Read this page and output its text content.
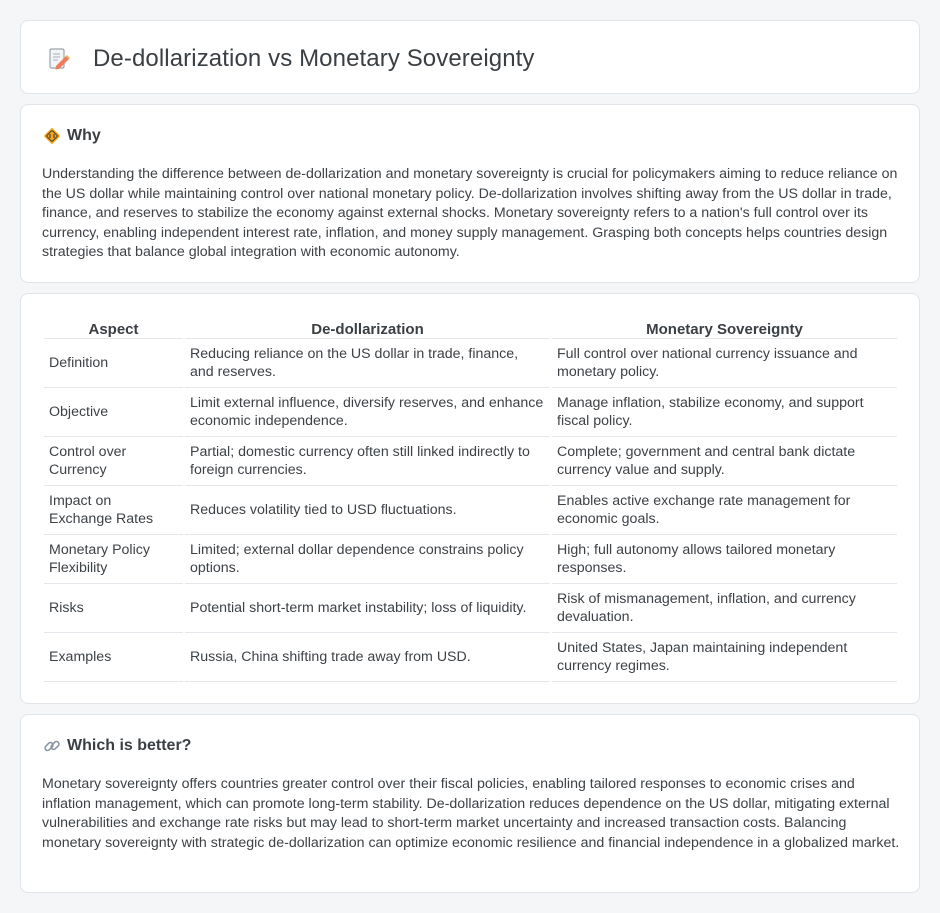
De-dollarization vs Monetary Sovereignty
Why

Understanding the difference between de-dollarization and monetary sovereignty is crucial for policymakers aiming to reduce reliance on the US dollar while maintaining control over national monetary policy. De-dollarization involves shifting away from the US dollar in trade, finance, and reserves to stabilize the economy against external shocks. Monetary sovereignty refers to a nation's full control over its currency, enabling independent interest rate, inflation, and money supply management. Grasping both concepts helps countries design strategies that balance global integration with economic autonomy.

Aspect	De-dollarization	Monetary Sovereignty
Definition	Reducing reliance on the US dollar in trade, finance, and reserves.	Full control over national currency issuance and monetary policy.
Objective	Limit external influence, diversify reserves, and enhance economic independence.	Manage inflation, stabilize economy, and support fiscal policy.
Control over Currency	Partial; domestic currency often still linked indirectly to foreign currencies.	Complete; government and central bank dictate currency value and supply.
Impact on Exchange Rates	Reduces volatility tied to USD fluctuations.	Enables active exchange rate management for economic goals.
Monetary Policy Flexibility	Limited; external dollar dependence constrains policy options.	High; full autonomy allows tailored monetary responses.
Risks	Potential short-term market instability; loss of liquidity.	Risk of mismanagement, inflation, and currency devaluation.
Examples	Russia, China shifting trade away from USD.	United States, Japan maintaining independent currency regimes.
Which is better?

Monetary sovereignty offers countries greater control over their fiscal policies, enabling tailored responses to economic crises and inflation management, which can promote long-term stability. De-dollarization reduces dependence on the US dollar, mitigating external vulnerabilities and exchange rate risks but may lead to short-term market uncertainty and increased transaction costs. Balancing monetary sovereignty with strategic de-dollarization can optimize economic resilience and financial independence in a globalized market.
